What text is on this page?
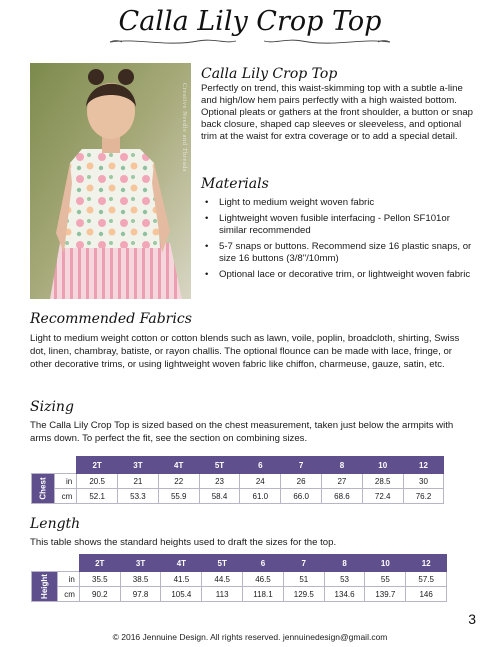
Calla Lily Crop Top
Creative Needle and Threads
Calla Lily Crop Top

Perfectly on trend, this waist-skimming top with a subtle a-line and high/low hem pairs perfectly with a high waisted bottom. Optional pleats or gathers at the front shoulder, a button or snap back closure, shaped cap sleeves or sleeveless, and optional trim at the waist for extra coverage or to add a special detail.

Materials
• Light to medium weight woven fabric
• Lightweight woven fusible interfacing - Pellon SF101or similar recommended
• 5-7 snaps or buttons. Recommend size 16 plastic snaps, or size 16 buttons (3/8"/10mm)
• Optional lace or decorative trim, or lightweight woven fabric
Recommended Fabrics

Light to medium weight cotton or cotton blends such as lawn, voile, poplin, broadcloth, shirting, Swiss dot, linen, chambray, batiste, or rayon challis. The optional flounce can be made with lace, fringe, or other decorative trims, or using lightweight woven fabric like chiffon, charmeuse, gauze, satin, etc.

Sizing

The Calla Lily Crop Top is sized based on the chest measurement, taken just below the armpits with arms down. To perfect the fit, see the section on combining sizes.

		2T	3T	4T	5T	6	7	8	10	12
Chest	in	20.5	21	22	23	24	26	27	28.5	30
	cm	52.1	53.3	55.9	58.4	61.0	66.0	68.6	72.4	76.2
Length

This table shows the standard heights used to draft the sizes for the top.

		2T	3T	4T	5T	6	7	8	10	12
Height	in	35.5	38.5	41.5	44.5	46.5	51	53	55	57.5
	cm	90.2	97.8	105.4	113	118.1	129.5	134.6	139.7	146
3
© 2016 Jennuine Design. All rights reserved. jennuinedesign@gmail.com
